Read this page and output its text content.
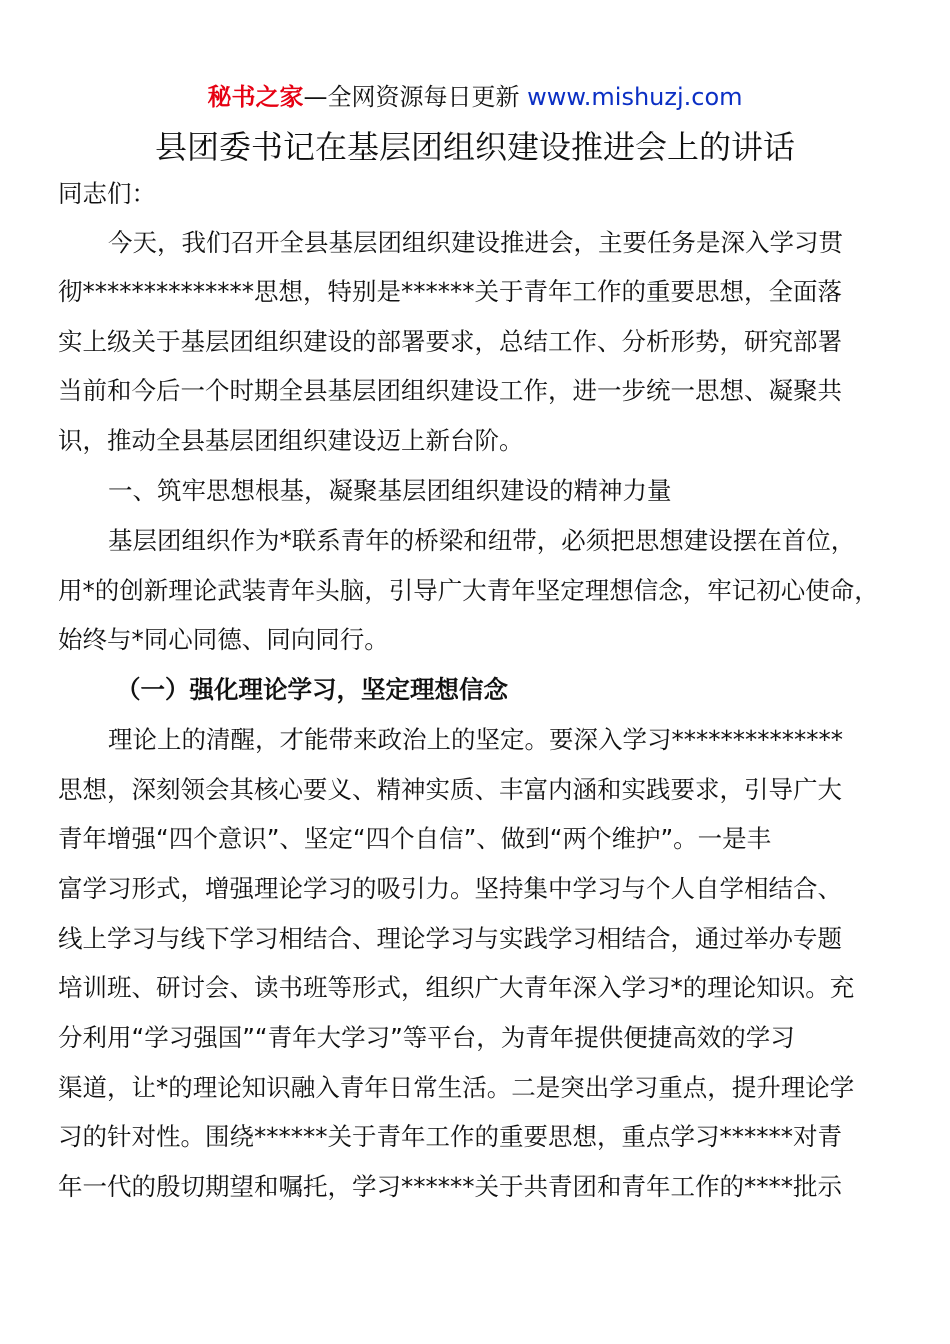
秘书之家—全网资源每日更新 www.mishuzj.com
县团委书记在基层团组织建设推进会上的讲话
同志们：
今天，我们召开全县基层团组织建设推进会，主要任务是深入学习贯
彻**************思想，特别是******关于青年工作的重要思想，全面落
实上级关于基层团组织建设的部署要求，总结工作、分析形势，研究部署
当前和今后一个时期全县基层团组织建设工作，进一步统一思想、凝聚共
识，推动全县基层团组织建设迈上新台阶。
一、筑牢思想根基，凝聚基层团组织建设的精神力量
基层团组织作为*联系青年的桥梁和纽带，必须把思想建设摆在首位，
用*的创新理论武装青年头脑，引导广大青年坚定理想信念，牢记初心使命，
始终与*同心同德、同向同行。
（一）强化理论学习，坚定理想信念
理论上的清醒，才能带来政治上的坚定。要深入学习**************
思想，深刻领会其核心要义、精神实质、丰富内涵和实践要求，引导广大
青年增强“四个意识”、坚定“四个自信”、做到“两个维护”。一是丰
富学习形式，增强理论学习的吸引力。坚持集中学习与个人自学相结合、
线上学习与线下学习相结合、理论学习与实践学习相结合，通过举办专题
培训班、研讨会、读书班等形式，组织广大青年深入学习*的理论知识。充
分利用“学习强国”“青年大学习”等平台，为青年提供便捷高效的学习
渠道，让*的理论知识融入青年日常生活。二是突出学习重点，提升理论学
习的针对性。围绕******关于青年工作的重要思想，重点学习******对青
年一代的殷切期望和嘱托，学习******关于共青团和青年工作的****批示
